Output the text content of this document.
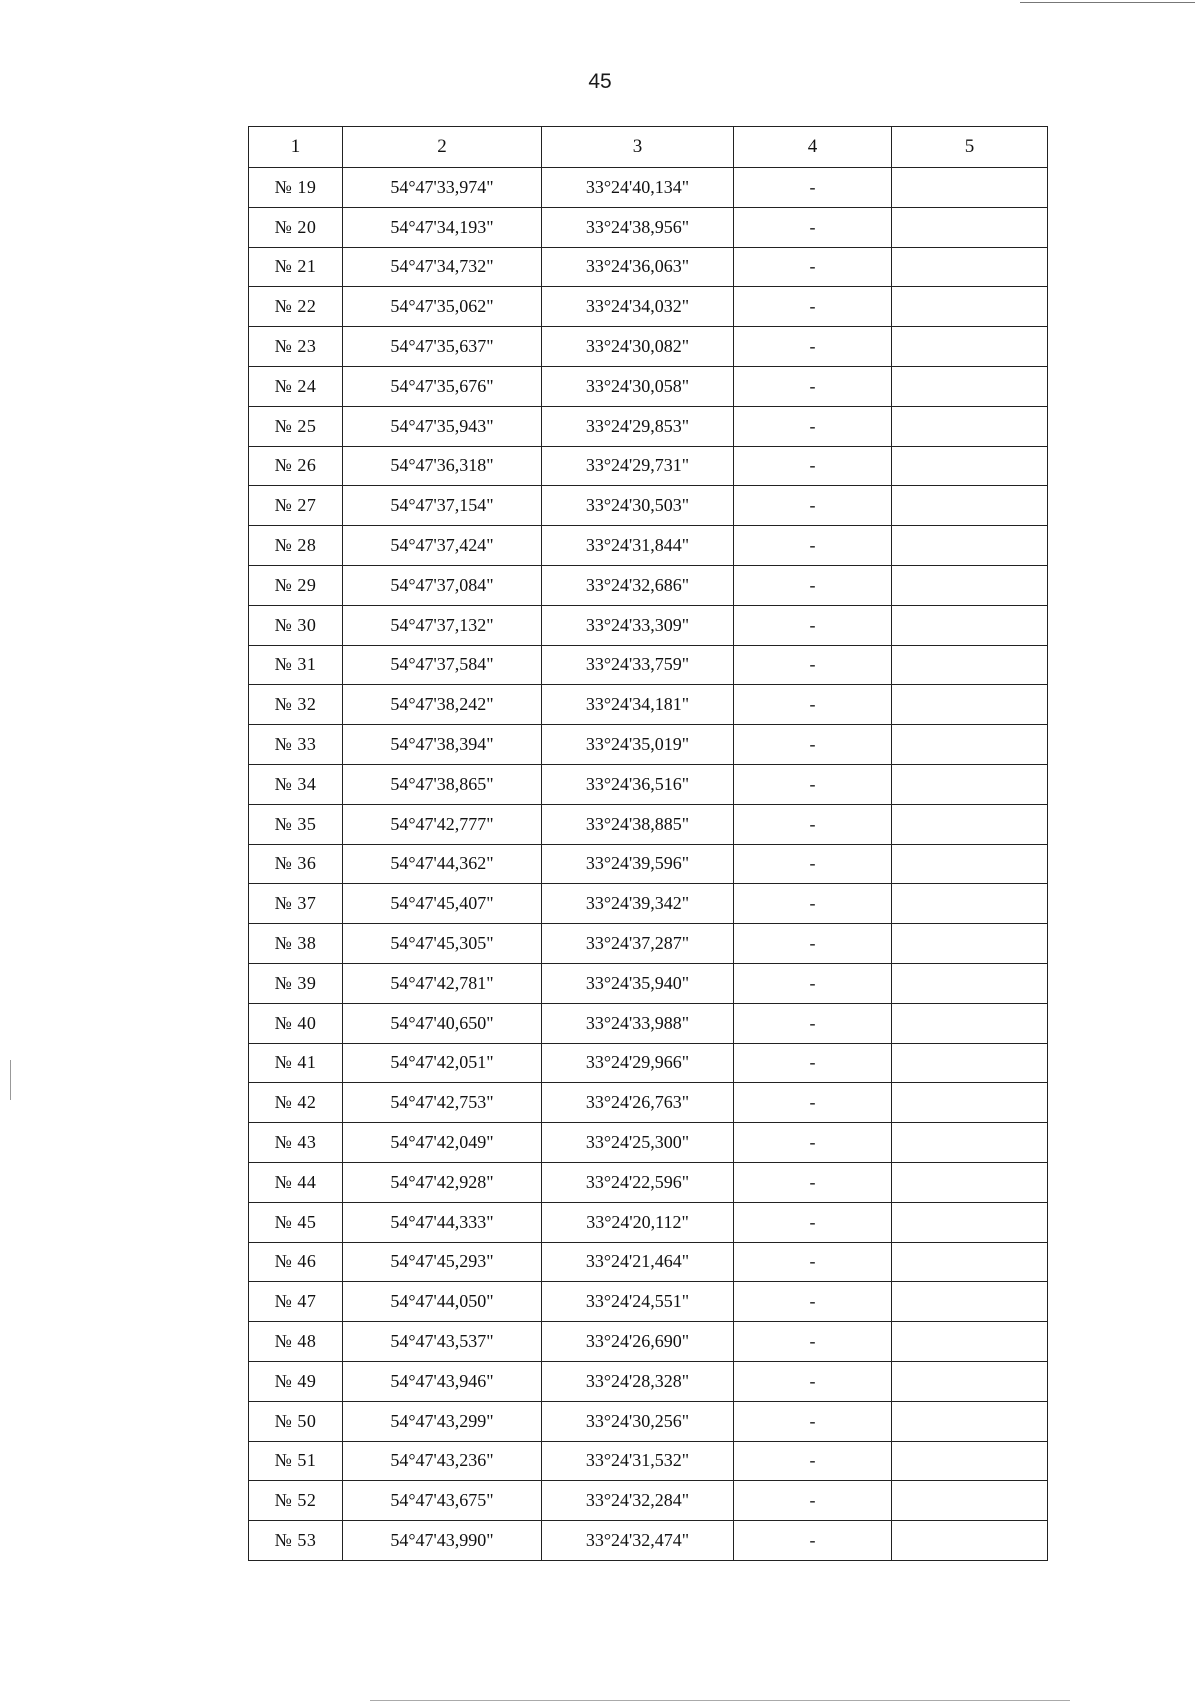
45
1	2	3	4	5
№ 19	54°47'33,974"	33°24'40,134"	-	
№ 20	54°47'34,193"	33°24'38,956"	-	
№ 21	54°47'34,732"	33°24'36,063"	-	
№ 22	54°47'35,062"	33°24'34,032"	-	
№ 23	54°47'35,637"	33°24'30,082"	-	
№ 24	54°47'35,676"	33°24'30,058"	-	
№ 25	54°47'35,943"	33°24'29,853"	-	
№ 26	54°47'36,318"	33°24'29,731"	-	
№ 27	54°47'37,154"	33°24'30,503"	-	
№ 28	54°47'37,424"	33°24'31,844"	-	
№ 29	54°47'37,084"	33°24'32,686"	-	
№ 30	54°47'37,132"	33°24'33,309"	-	
№ 31	54°47'37,584"	33°24'33,759"	-	
№ 32	54°47'38,242"	33°24'34,181"	-	
№ 33	54°47'38,394"	33°24'35,019"	-	
№ 34	54°47'38,865"	33°24'36,516"	-	
№ 35	54°47'42,777"	33°24'38,885"	-	
№ 36	54°47'44,362"	33°24'39,596"	-	
№ 37	54°47'45,407"	33°24'39,342"	-	
№ 38	54°47'45,305"	33°24'37,287"	-	
№ 39	54°47'42,781"	33°24'35,940"	-	
№ 40	54°47'40,650"	33°24'33,988"	-	
№ 41	54°47'42,051"	33°24'29,966"	-	
№ 42	54°47'42,753"	33°24'26,763"	-	
№ 43	54°47'42,049"	33°24'25,300"	-	
№ 44	54°47'42,928"	33°24'22,596"	-	
№ 45	54°47'44,333"	33°24'20,112"	-	
№ 46	54°47'45,293"	33°24'21,464"	-	
№ 47	54°47'44,050"	33°24'24,551"	-	
№ 48	54°47'43,537"	33°24'26,690"	-	
№ 49	54°47'43,946"	33°24'28,328"	-	
№ 50	54°47'43,299"	33°24'30,256"	-	
№ 51	54°47'43,236"	33°24'31,532"	-	
№ 52	54°47'43,675"	33°24'32,284"	-	
№ 53	54°47'43,990"	33°24'32,474"	-	
